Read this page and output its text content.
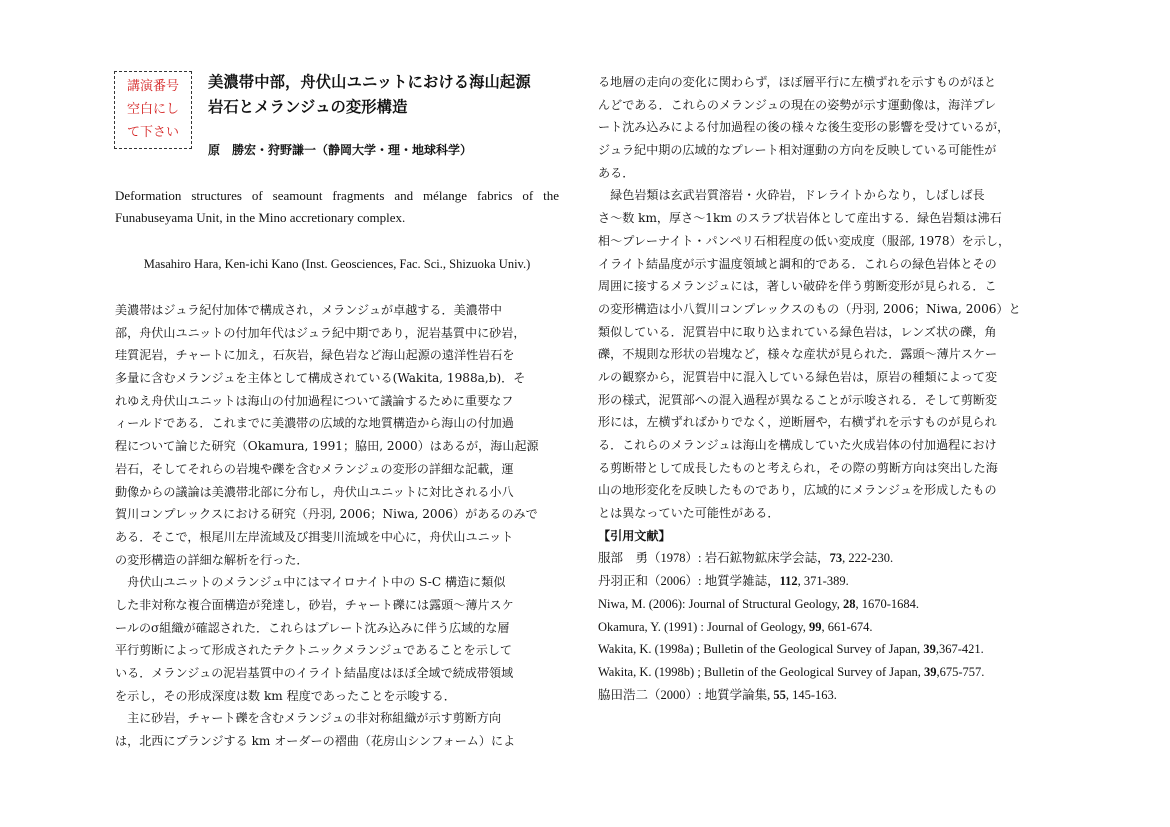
講演番号
空白にし
て下さい
美濃帯中部，舟伏山ユニットにおける海山起源
岩石とメランジュの変形構造
原　勝宏・狩野謙一（静岡大学・理・地球科学）
Deformation structures of seamount fragments and mélange fabrics of the Funabuseyama Unit, in the Mino accretionary complex.
Masahiro Hara, Ken-ichi Kano (Inst. Geosciences, Fac. Sci., Shizuoka Univ.)
美濃帯はジュラ紀付加体で構成され，メランジュが卓越する．美濃帯中
部，舟伏山ユニットの付加年代はジュラ紀中期であり，泥岩基質中に砂岩，
珪質泥岩，チャートに加え，石灰岩，緑色岩など海山起源の遠洋性岩石を
多量に含むメランジュを主体として構成されている(Wakita, 1988a,b)．そ
れゆえ舟伏山ユニットは海山の付加過程について議論するために重要なフ
ィールドである．これまでに美濃帯の広域的な地質構造から海山の付加過
程について論じた研究（Okamura, 1991；脇田, 2000）はあるが，海山起源
岩石，そしてそれらの岩塊や礫を含むメランジュの変形の詳細な記載，運
動像からの議論は美濃帯北部に分布し，舟伏山ユニットに対比される小八
賀川コンプレックスにおける研究（丹羽, 2006；Niwa, 2006）があるのみで
ある．そこで，根尾川左岸流域及び揖斐川流域を中心に，舟伏山ユニット
の変形構造の詳細な解析を行った．
　舟伏山ユニットのメランジュ中にはマイロナイト中の S-C 構造に類似
した非対称な複合面構造が発達し，砂岩，チャート礫には露頭～薄片スケ
ールのσ組織が確認された．これらはプレート沈み込みに伴う広域的な層
平行剪断によって形成されたテクトニックメランジュであることを示して
いる．メランジュの泥岩基質中のイライト結晶度はほぼ全域で続成帯領域
を示し，その形成深度は数 km 程度であったことを示唆する．
　主に砂岩，チャート礫を含むメランジュの非対称組織が示す剪断方向
は，北西にプランジする km オーダーの褶曲（花房山シンフォーム）によ
る地層の走向の変化に関わらず，ほぼ層平行に左横ずれを示すものがほと
んどである．これらのメランジュの現在の姿勢が示す運動像は，海洋プレ
ート沈み込みによる付加過程の後の様々な後生変形の影響を受けているが，
ジュラ紀中期の広域的なプレート相対運動の方向を反映している可能性が
ある．
　緑色岩類は玄武岩質溶岩・火砕岩，ドレライトからなり，しばしば長
さ～数 km，厚さ～1km のスラブ状岩体として産出する．緑色岩類は沸石
相～プレーナイト・パンペリ石相程度の低い変成度（服部, 1978）を示し，
イライト結晶度が示す温度領域と調和的である．これらの緑色岩体とその
周囲に接するメランジュには，著しい破砕を伴う剪断変形が見られる．こ
の変形構造は小八賀川コンプレックスのもの（丹羽, 2006；Niwa, 2006）と
類似している．泥質岩中に取り込まれている緑色岩は，レンズ状の礫，角
礫，不規則な形状の岩塊など，様々な産状が見られた．露頭～薄片スケー
ルの観察から，泥質岩中に混入している緑色岩は，原岩の種類によって変
形の様式，泥質部への混入過程が異なることが示唆される．そして剪断変
形には，左横ずればかりでなく，逆断層や，右横ずれを示すものが見られ
る．これらのメランジュは海山を構成していた火成岩体の付加過程におけ
る剪断帯として成長したものと考えられ，その際の剪断方向は突出した海
山の地形変化を反映したものであり，広域的にメランジュを形成したもの
とは異なっていた可能性がある．
【引用文献】
服部　勇（1978）: 岩石鉱物鉱床学会誌，73, 222-230.
丹羽正和（2006）: 地質学雑誌，112, 371-389.
Niwa, M. (2006): Journal of Structural Geology, 28, 1670-1684.
Okamura, Y. (1991) : Journal of Geology, 99, 661-674.
Wakita, K. (1998a) ; Bulletin of the Geological Survey of Japan, 39,367-421.
Wakita, K. (1998b) ; Bulletin of the Geological Survey of Japan, 39,675-757.
脇田浩二（2000）: 地質学論集, 55, 145-163.
